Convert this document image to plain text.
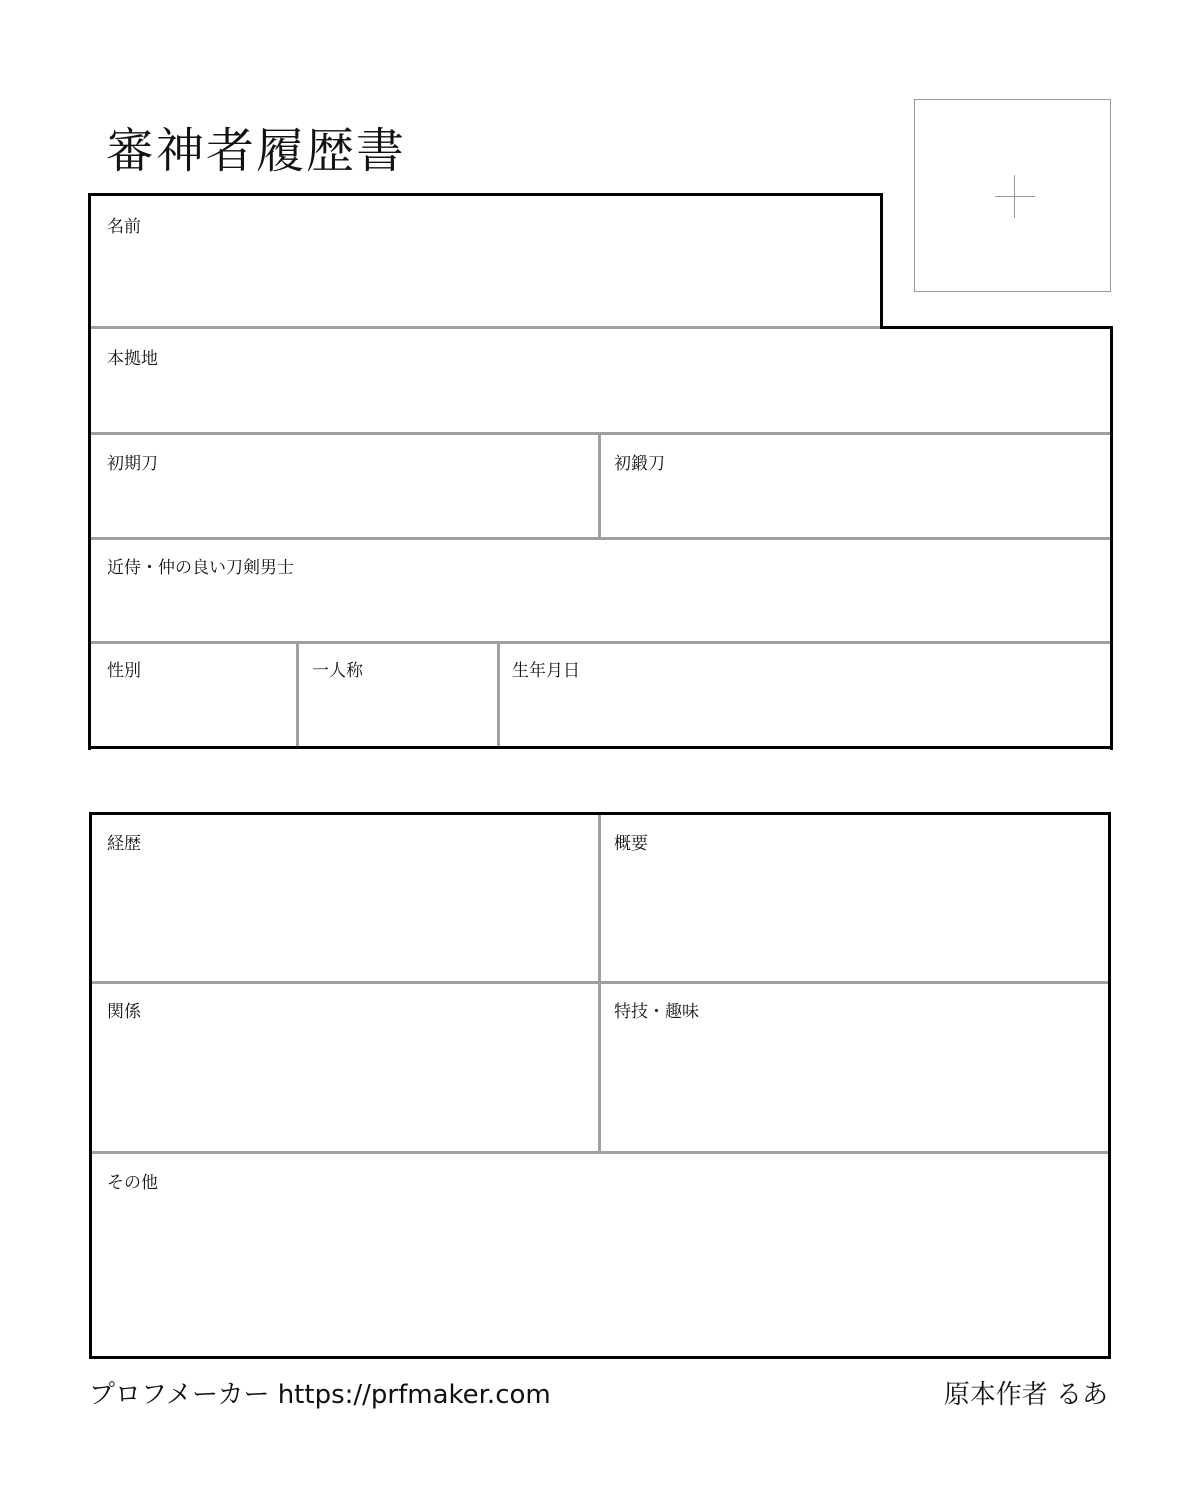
審神者履歴書
名前
本拠地
初期刀	初鍛刀
近侍・仲の良い刀剣男士
性別	一人称	生年月日
経歴	概要
関係	特技・趣味
その他
プロフメーカー https://prfmaker.com	原本作者 るあ
